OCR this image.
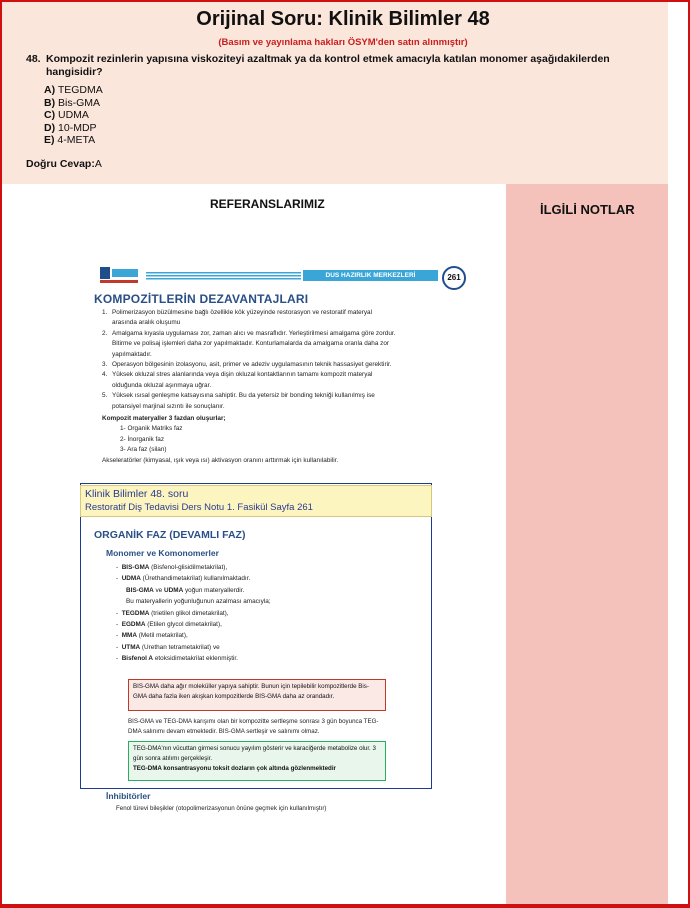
Orijinal Soru: Klinik Bilimler 48
(Basım ve yayınlama hakları ÖSYM'den satın alınmıştır)
48. Kompozit rezinlerin yapısına viskoziteyi azaltmak ya da kontrol etmek amacıyla katılan monomer aşağıdakilerden hangisidir?
A) TEGDMA
B) Bis-GMA
C) UDMA
D) 10-MDP
E) 4-META
Doğru Cevap:A
REFERANSLARIMIZ	İLGİLİ NOTLAR
DUS HAZIRLIK MERKEZLERİ	261
KOMPOZİTLERİN DEZAVANTAJLARI
1. Polimerizasyon büzülmesine bağlı özellikle kök yüzeyinde restorasyon ve restoratif materyal arasında aralık oluşumu
2. Amalgama kıyasla uygulaması zor, zaman alıcı ve masraflıdır. Yerleştirilmesi amalgama göre zordur. Bitirme ve polisaj işlemleri daha zor yapılmaktadır. Konturlamalarda da amalgama oranla daha zor yapılmaktadır.
3. Operasyon bölgesinin izolasyonu, asit, primer ve adeziv uygulamasının teknik hassasiyet gerektirir.
4. Yüksek okluzal stres alanlarında veya dişin okluzal kontaktlarının tamamı kompozit materyal olduğunda okluzal aşınmaya uğrar.
5. Yüksek ısısal genleşme katsayısına sahiptir. Bu da yetersiz bir bonding tekniği kullanılmış ise potansiyel marjinal sızıntı ile sonuçlanır.
Kompozit materyaller 3 fazdan oluşurlar;
1- Organik Matriks faz
2- İnorganik faz
3- Ara faz (silan)
Akseleratörler (kimyasal, ışık veya ısı) aktivasyon oranını arttırmak için kullanılabilir.
ORGANİK FAZ (DEVAMLI FAZ)
Monomer ve Komonomerler
-  BIS-GMA (Bisfenol-glisidilmetakrilat),
-  UDMA (Ürethandimetakrilat) kullanılmaktadır.
BIS-GMA ve UDMA yoğun materyallerdir.
Bu materyallerin yoğunluğunun azalması amacıyla;
-  TEGDMA (trietilen glikol dimetakrilat),
-  EGDMA (Etilen glycol dimetakrilat),
-  MMA (Metil metakrilat),
-  UTMA (Urethan tetrametakrilat) ve
-  Bisfenol A etoksidimetakrilat eklenmiştir.
BIS-GMA daha ağır moleküller yapıya sahiptir. Bunun için tepilebilir kompozitlerde Bis-GMA daha fazla iken akışkan kompozitlerde BIS-GMA daha az orandadır.
BIS-GMA ve TEG-DMA karışımı olan bir kompozitte sertleşme sonrası 3 gün boyunca TEG-DMA salınımı devam etmektedir. BIS-GMA sertleşir ve salınımı olmaz.
TEG-DMA'nın vücuttan girmesi sonucu yayılım gösterir ve karaciğerde metabolize olur. 3 gün sonra atılımı gerçekleşir.
TEG-DMA konsantrasyonu toksit dozların çok altında gözlenmektedir
İnhibitörler
Fenol türevi bileşikler (otopolimerizasyonun önüne geçmek için kullanılmıştır)
Klinik Bilimler 48. soru
Restoratif Diş Tedavisi Ders Notu 1. Fasikül Sayfa 261
